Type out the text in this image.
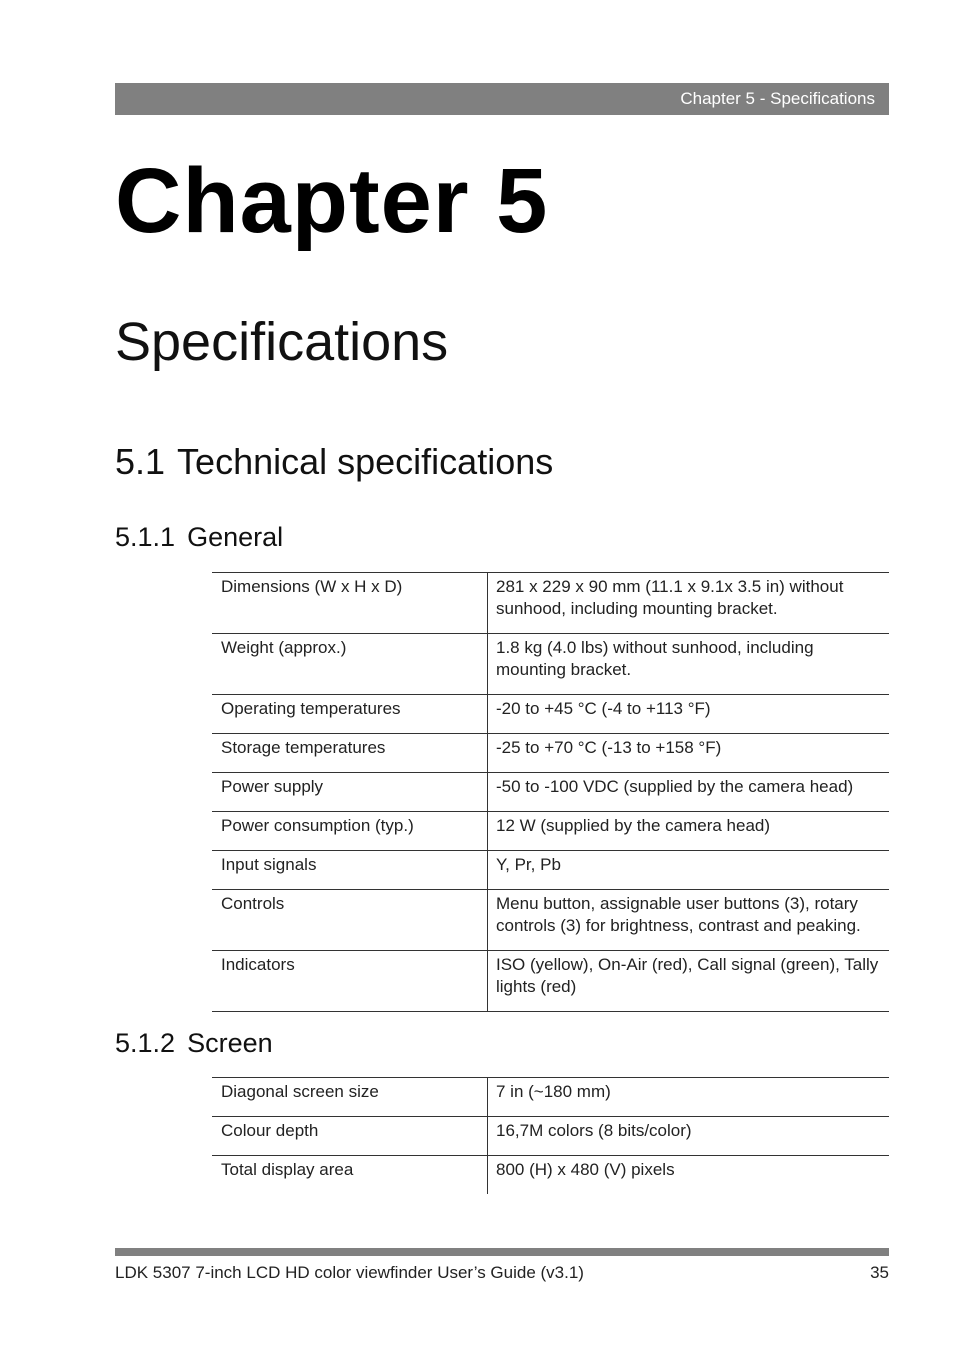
Chapter 5 - Specifications
Chapter 5
Specifications
5.1 Technical specifications
5.1.1 General
Dimensions (W x H x D)	281 x 229 x 90 mm (11.1 x 9.1x 3.5 in) without sunhood, including mounting bracket.
Weight (approx.)	1.8 kg (4.0 lbs) without sunhood, including mounting bracket.
Operating temperatures	-20 to +45 °C (-4 to +113 °F)
Storage temperatures	-25 to +70 °C (-13 to +158 °F)
Power supply	-50 to -100 VDC (supplied by the camera head)
Power consumption (typ.)	12 W (supplied by the camera head)
Input signals	Y, Pr, Pb
Controls	Menu button, assignable user buttons (3), rotary controls (3) for brightness, contrast and peaking.
Indicators	ISO (yellow), On-Air (red), Call signal (green), Tally lights (red)
5.1.2 Screen
Diagonal screen size	7 in (~180 mm)
Colour depth	16,7M colors (8 bits/color)
Total display area	800 (H) x 480 (V) pixels
LDK 5307 7-inch LCD HD color viewfinder User’s Guide (v3.1)	35
